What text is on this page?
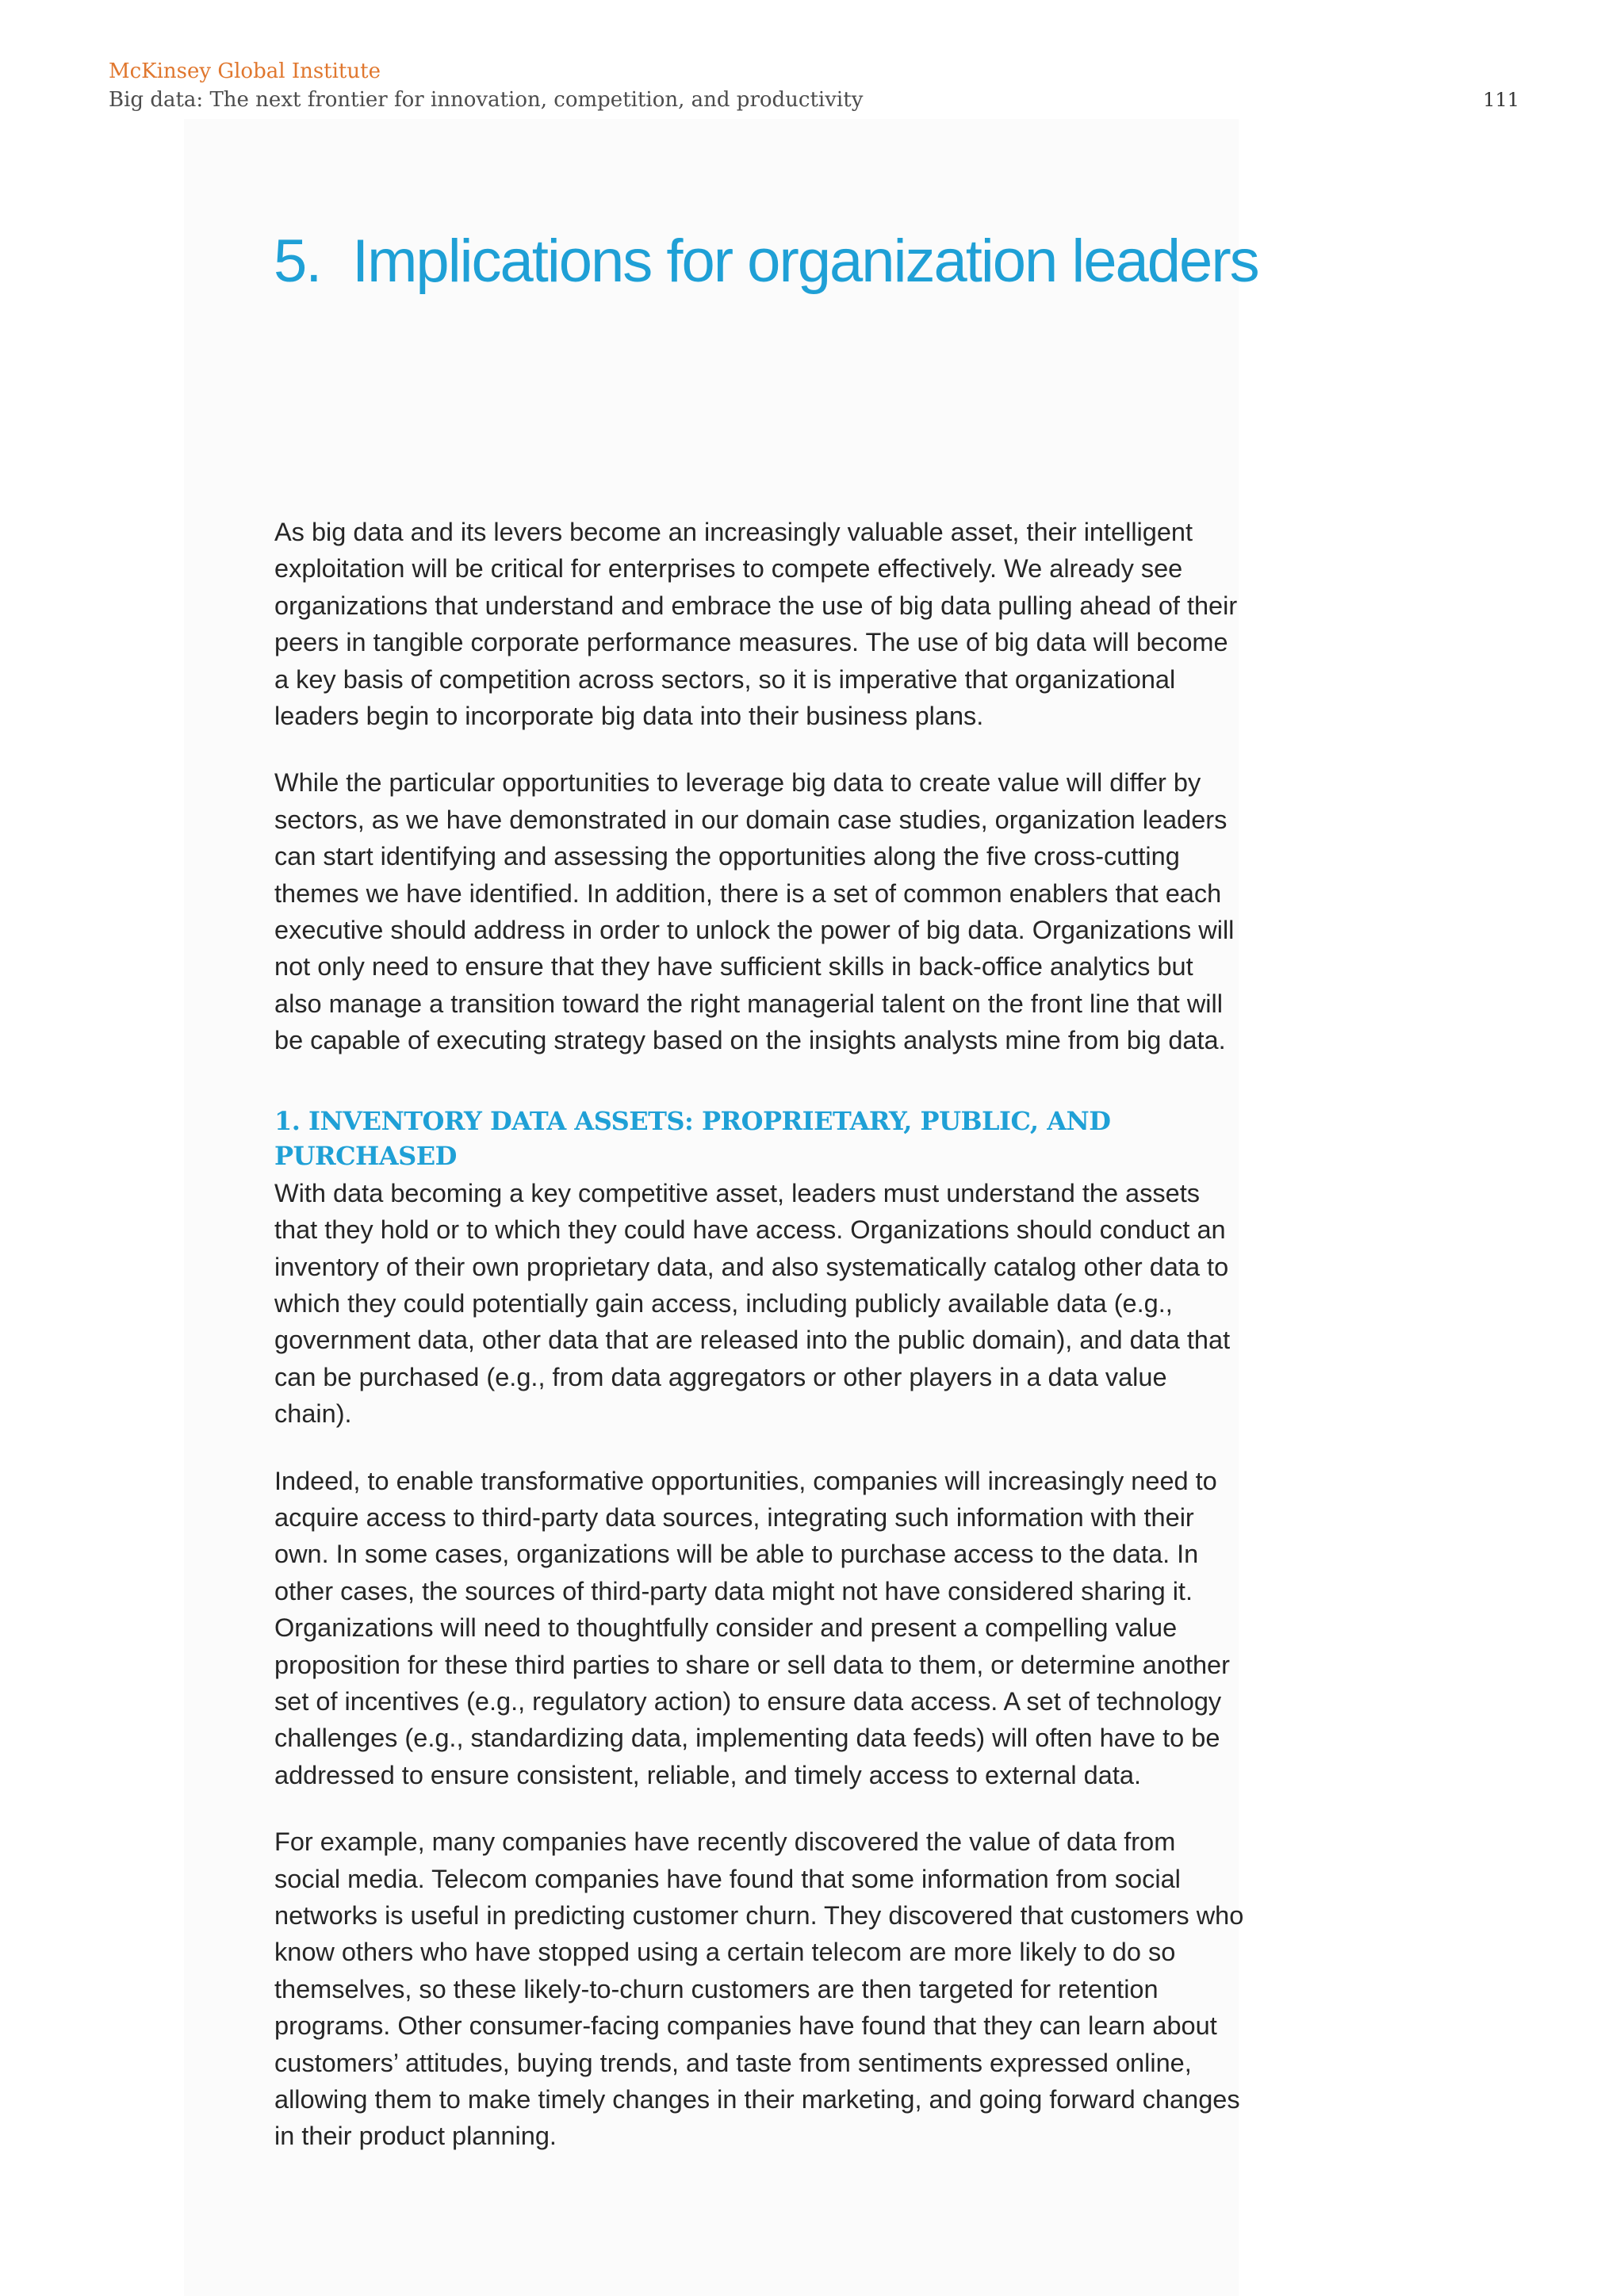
McKinsey Global Institute
Big data: The next frontier for innovation, competition, and productivity	111
5. Implications for organization leaders

As big data and its levers become an increasingly valuable asset, their intelligent exploitation will be critical for enterprises to compete effectively. We already see organizations that understand and embrace the use of big data pulling ahead of their peers in tangible corporate performance measures. The use of big data will become a key basis of competition across sectors, so it is imperative that organizational leaders begin to incorporate big data into their business plans.

While the particular opportunities to leverage big data to create value will differ by sectors, as we have demonstrated in our domain case studies, organization leaders can start identifying and assessing the opportunities along the five cross-cutting themes we have identified. In addition, there is a set of common enablers that each executive should address in order to unlock the power of big data. Organizations will not only need to ensure that they have sufficient skills in back-office analytics but also manage a transition toward the right managerial talent on the front line that will be capable of executing strategy based on the insights analysts mine from big data.

1. INVENTORY DATA ASSETS: PROPRIETARY, PUBLIC, AND PURCHASED

With data becoming a key competitive asset, leaders must understand the assets that they hold or to which they could have access. Organizations should conduct an inventory of their own proprietary data, and also systematically catalog other data to which they could potentially gain access, including publicly available data (e.g., government data, other data that are released into the public domain), and data that can be purchased (e.g., from data aggregators or other players in a data value chain).

Indeed, to enable transformative opportunities, companies will increasingly need to acquire access to third-party data sources, integrating such information with their own. In some cases, organizations will be able to purchase access to the data. In other cases, the sources of third-party data might not have considered sharing it. Organizations will need to thoughtfully consider and present a compelling value proposition for these third parties to share or sell data to them, or determine another set of incentives (e.g., regulatory action) to ensure data access. A set of technology challenges (e.g., standardizing data, implementing data feeds) will often have to be addressed to ensure consistent, reliable, and timely access to external data.

For example, many companies have recently discovered the value of data from social media. Telecom companies have found that some information from social networks is useful in predicting customer churn. They discovered that customers who know others who have stopped using a certain telecom are more likely to do so themselves, so these likely-to-churn customers are then targeted for retention programs. Other consumer-facing companies have found that they can learn about customers’ attitudes, buying trends, and taste from sentiments expressed online, allowing them to make timely changes in their marketing, and going forward changes in their product planning.
